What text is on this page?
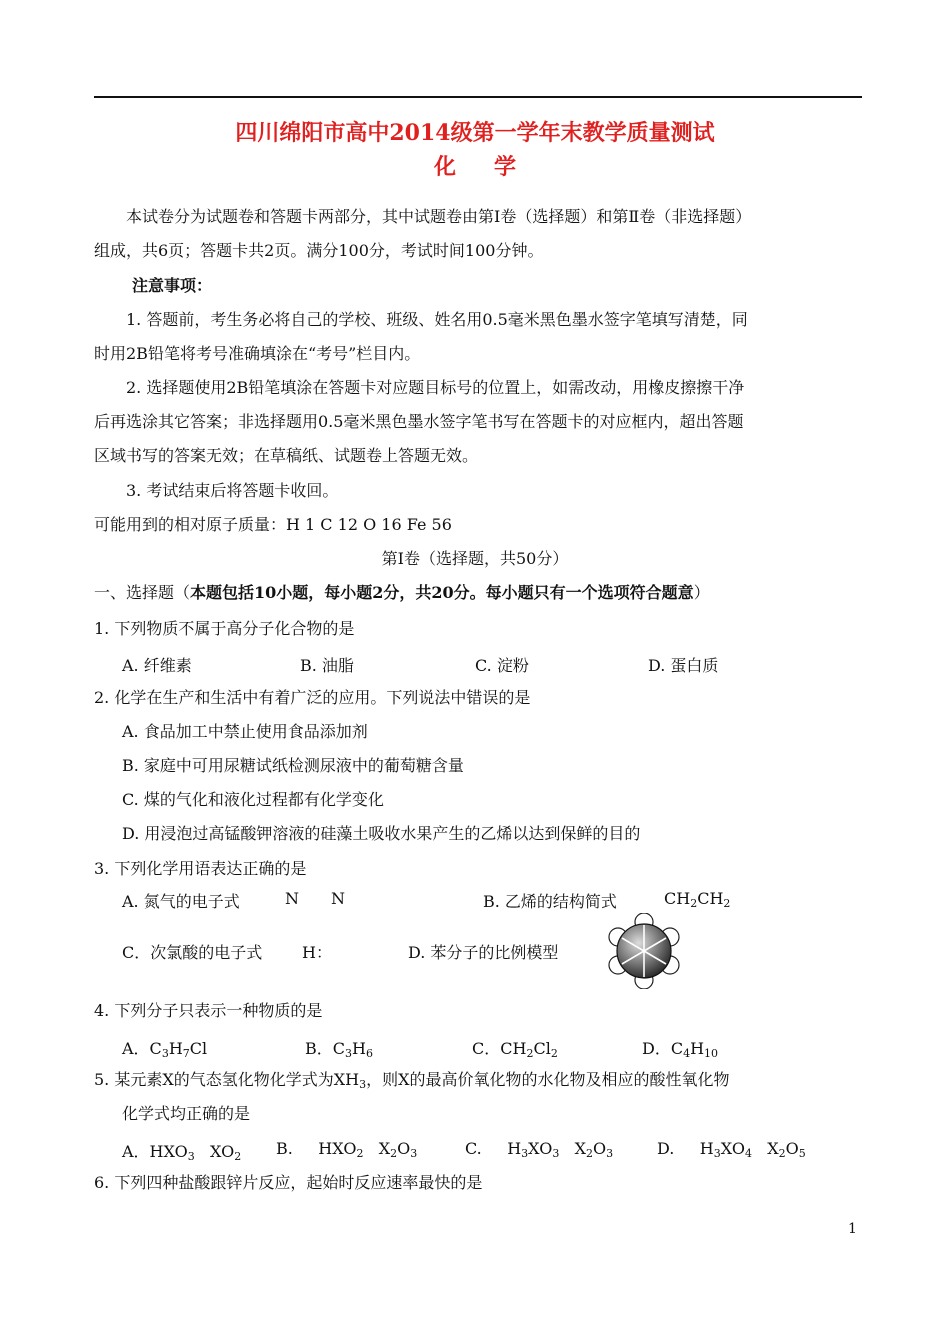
四川绵阳市高中2014级第一学年末教学质量测试
化学
本试卷分为试题卷和答题卡两部分，其中试题卷由第Ⅰ卷（选择题）和第Ⅱ卷（非选择题）
组成，共6页；答题卡共2页。满分100分，考试时间100分钟。
注意事项：
1. 答题前，考生务必将自己的学校、班级、姓名用0.5毫米黑色墨水签字笔填写清楚，同
时用2B铅笔将考号准确填涂在“考号”栏目内。
2. 选择题使用2B铅笔填涂在答题卡对应题目标号的位置上，如需改动，用橡皮擦擦干净
后再选涂其它答案；非选择题用0.5毫米黑色墨水签字笔书写在答题卡的对应框内，超出答题
区域书写的答案无效；在草稿纸、试题卷上答题无效。
3. 考试结束后将答题卡收回。
可能用到的相对原子质量：H 1 C 12 O 16 Fe 56
第Ⅰ卷（选择题，共50分）
一、选择题（本题包括10小题，每小题2分，共20分。每小题只有一个选项符合题意）
1. 下列物质不属于高分子化合物的是
A. 纤维素	B. 油脂	C. 淀粉	D. 蛋白质
2. 化学在生产和生活中有着广泛的应用。下列说法中错误的是
A. 食品加工中禁止使用食品添加剂
B. 家庭中可用尿糖试纸检测尿液中的葡萄糖含量
C. 煤的气化和液化过程都有化学变化
D. 用浸泡过高锰酸钾溶液的硅藻土吸收水果产生的乙烯以达到保鲜的目的
3. 下列化学用语表达正确的是
A. 氮气的电子式	N N	B. 乙烯的结构简式	$CH_2CH_2$
C．次氯酸的电子式 H：	D. 苯分子的比例模型
4. 下列分子只表示一种物质的是
A．$C_3H_7Cl$	B．$C_3H_6$	C．$CH_2Cl_2$	D．$C_4H_{10}$
5. 某元素X的气态氢化物化学式为$XH_3$，则X的最高价氧化物的水化物及相应的酸性氧化物
化学式均正确的是
A．$HXO_3$   $XO_2$ B.     $HXO_2$   $X_2O_3$	C.     $H_3XO_3$   $X_2O_3$	D.     $H_3XO_4$   $X_2O_5$
6. 下列四种盐酸跟锌片反应，起始时反应速率最快的是
1
